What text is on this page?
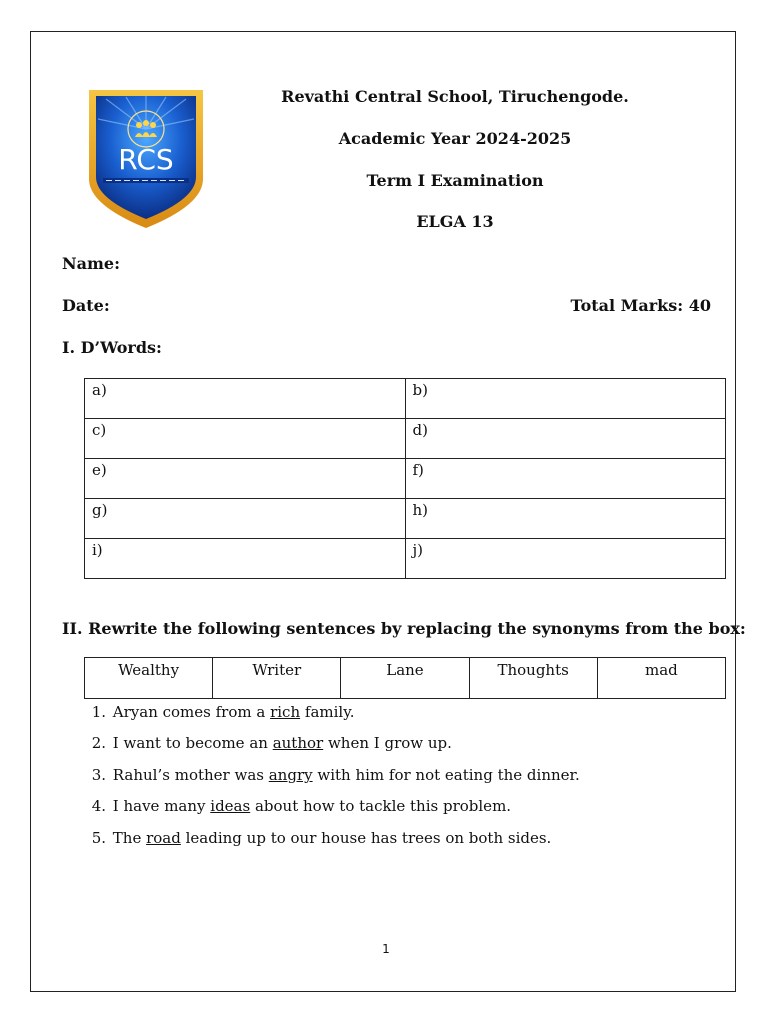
RCS
Revathi Central School, Tiruchengode.
Academic Year 2024-2025
Term I Examination
ELGA 13
Name:
Date:	Total Marks: 40
I. D’Words:
a)	b)
c)	d)
e)	f)
g)	h)
i)	j)
II. Rewrite the following sentences by replacing the synonyms from the box:
Wealthy	Writer	Lane	Thoughts	mad
1. Aryan comes from a rich family.
2. I want to become an author when I grow up.
3. Rahul’s mother was angry with him for not eating the dinner.
4. I have many ideas about how to tackle this problem.
5. The road leading up to our house has trees on both sides.
1
